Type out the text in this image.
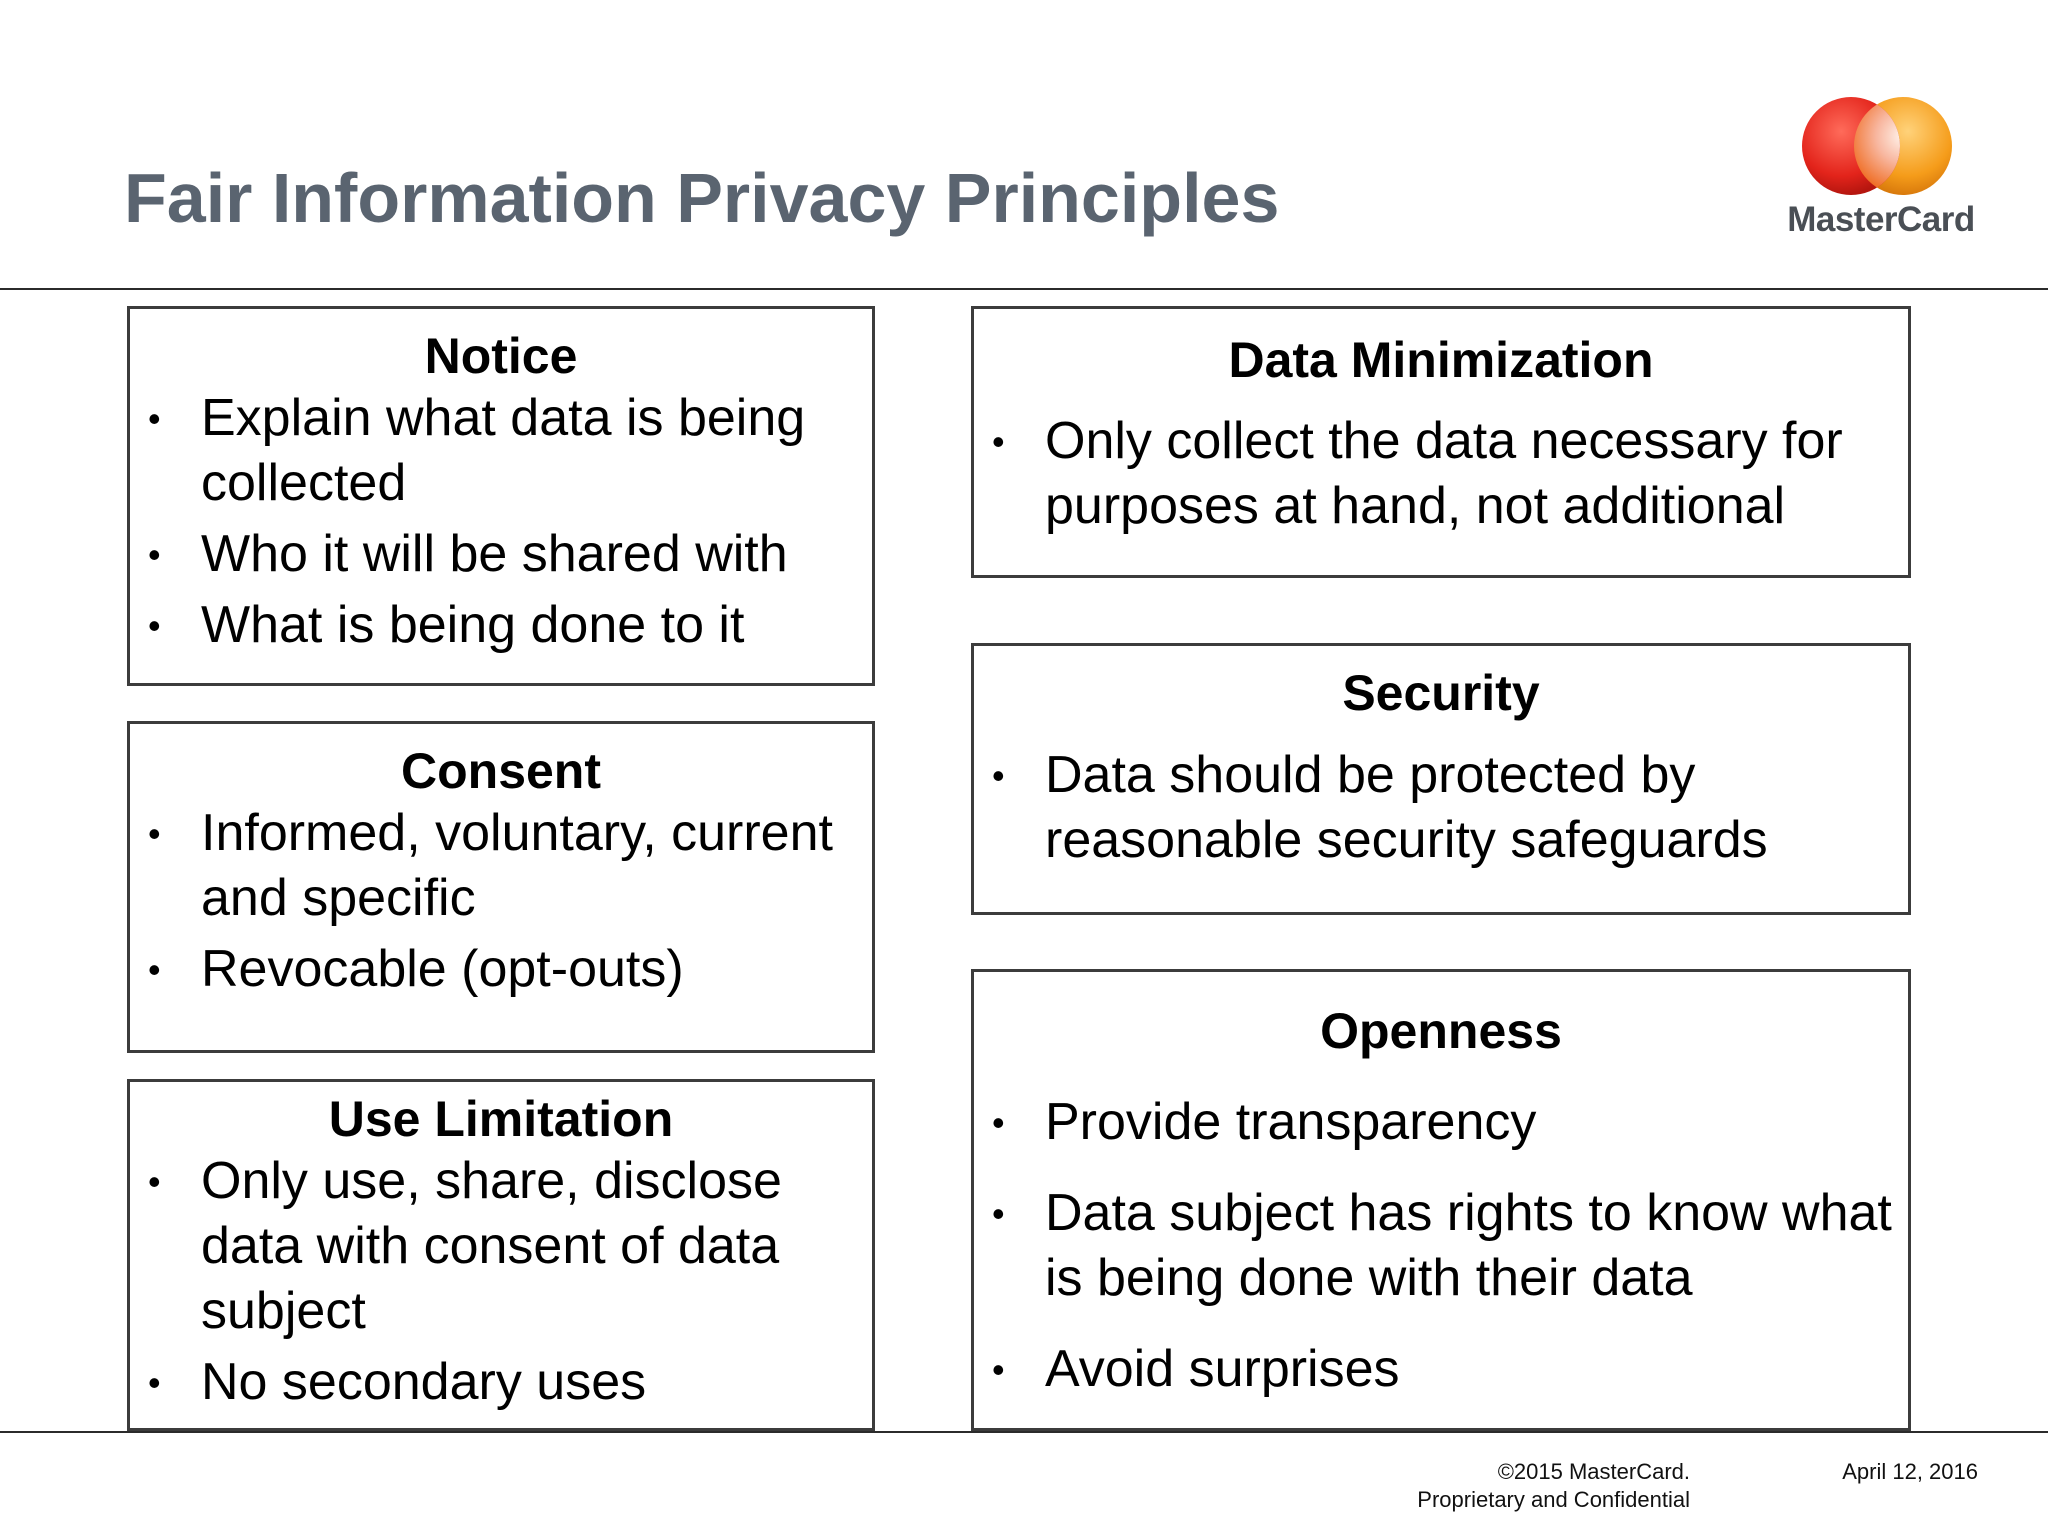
Fair Information Privacy Principles	MasterCard
Notice
• Explain what data is being collected
• Who it will be shared with
• What is being done to it
Consent
• Informed, voluntary, current and specific
• Revocable (opt-outs)
Use Limitation
• Only use, share, disclose data with consent of data subject
• No secondary uses
Data Minimization
• Only collect the data necessary for purposes at hand, not additional
Security
• Data should be protected by reasonable security safeguards
Openness
• Provide transparency
• Data subject has rights to know what is being done with their data
• Avoid surprises
©2015 MasterCard.
Proprietary and Confidential
April 12, 2016
